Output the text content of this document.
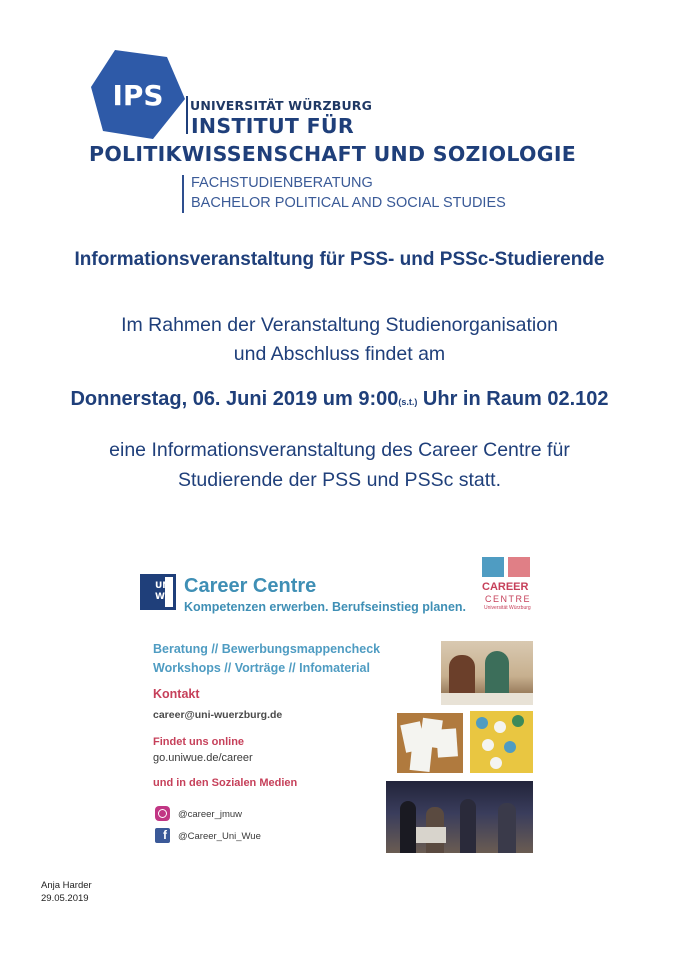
IPS UNIVERSITÄT WÜRZBURG
INSTITUT FÜR
POLITIKWISSENSCHAFT UND SOZIOLOGIE
FACHSTUDIENBERATUNG
BACHELOR POLITICAL AND SOCIAL STUDIES
Informationsveranstaltung für PSS- und PSSc-Studierende
Im Rahmen der Veranstaltung Studienorganisation
und Abschluss findet am
Donnerstag, 06. Juni 2019 um 9:00(s.t.) Uhr in Raum 02.102
eine Informationsveranstaltung des Career Centre für
Studierende der PSS und PSSc statt.
UNI WÜ Career Centre
Kompetenzen erwerben. Berufseinstieg planen.
CAREER
CENTRE
Universität Würzburg
Beratung // Bewerbungsmappencheck
Workshops // Vorträge // Infomaterial
Kontakt
career@uni-wuerzburg.de
Findet uns online
go.uniwue.de/career
und in den Sozialen Medien
@career_jmuw
f	@Career_Uni_Wue
Anja Harder
29.05.2019
